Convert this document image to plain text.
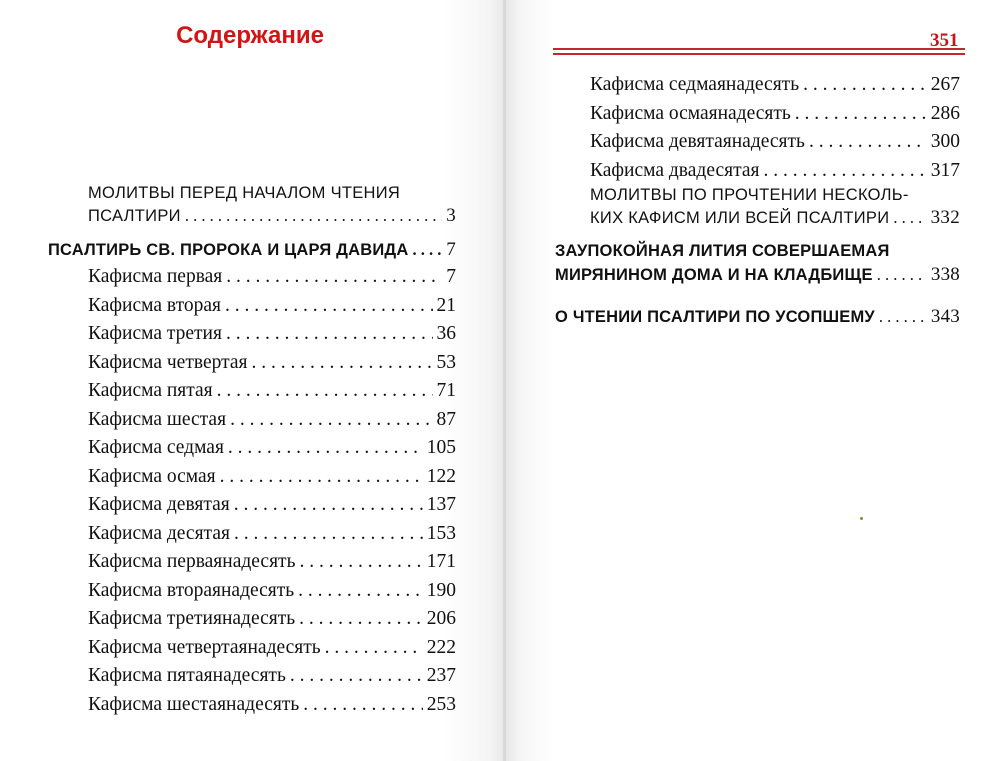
Содержание	351
МОЛИТВЫ ПЕРЕД НАЧАЛОМ ЧТЕНИЯ
ПСАЛТИРИ . . .	3
ПСАЛТИРЬ СВ. ПРОРОКА И ЦАРЯ ДАВИДА . . . 7
Кафисма первая . . .	7
Кафисма вторая . . .	21
Кафисма третия . . .	36
Кафисма четвертая . . .	53
Кафисма пятая . . .	71
Кафисма шестая . . .	87
Кафисма седмая . . .	105
Кафисма осмая . . .	122
Кафисма девятая . . .	137
Кафисма десятая . . .	153
Кафисма перваянадесять . . .	171
Кафисма втораянадесять . . .	190
Кафисма третиянадесять . . .	206
Кафисма четвертаянадесять . . .	222
Кафисма пятаянадесять . . .	237
Кафисма шестаянадесять . . .	253
Кафисма седмаянадесять . . .	267
Кафисма осмаянадесять . . .	286
Кафисма девятаянадесять . . .	300
Кафисма двадесятая . . .	317
МОЛИТВЫ ПО ПРОЧТЕНИИ НЕСКОЛЬ-
КИХ КАФИСМ ИЛИ ВСЕЙ ПСАЛТИРИ . . . 332
ЗАУПОКОЙНАЯ ЛИТИЯ СОВЕРШАЕМАЯ
МИРЯНИНОМ ДОМА И НА КЛАДБИЩЕ . . .	338
О ЧТЕНИИ ПСАЛТИРИ ПО УСОПШЕМУ . . .	343
